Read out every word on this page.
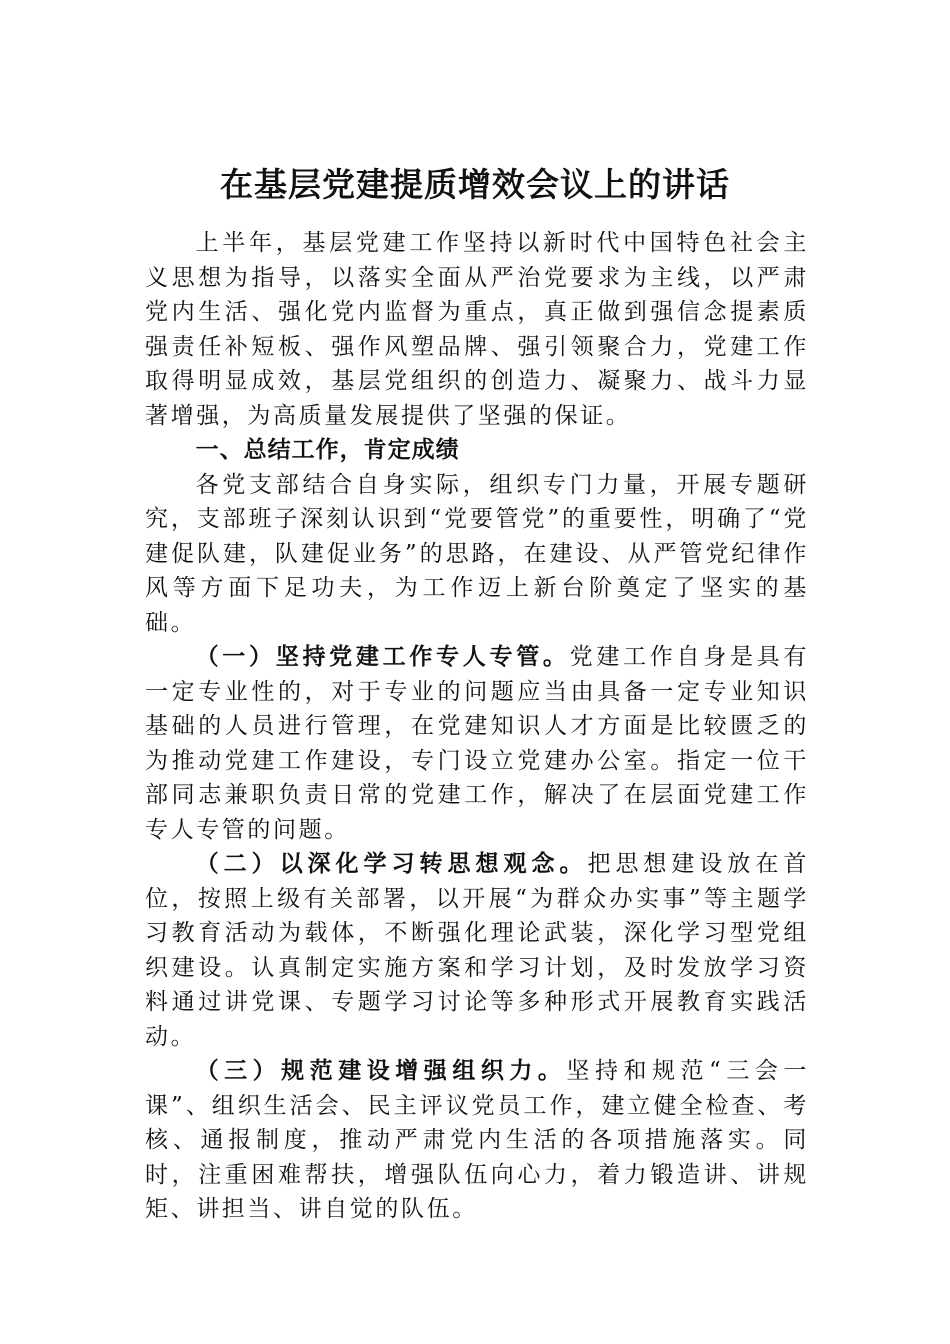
在基层党建提质增效会议上的讲话

上半年，基层党建工作坚持以新时代中国特色社会主义思想为指导，以落实全面从严治党要求为主线，以严肃党内生活、强化党内监督为重点，真正做到强信念提素质强责任补短板、强作风塑品牌、强引领聚合力，党建工作取得明显成效，基层党组织的创造力、凝聚力、战斗力显著增强，为高质量发展提供了坚强的保证。

一、总结工作，肯定成绩

各党支部结合自身实际，组织专门力量，开展专题研究，支部班子深刻认识到“党要管党”的重要性，明确了“党建促队建，队建促业务”的思路，在建设、从严管党纪律作风等方面下足功夫，为工作迈上新台阶奠定了坚实的基础。

（一）坚持党建工作专人专管。党建工作自身是具有一定专业性的，对于专业的问题应当由具备一定专业知识基础的人员进行管理，在党建知识人才方面是比较匮乏的为推动党建工作建设，专门设立党建办公室。指定一位干部同志兼职负责日常的党建工作，解决了在层面党建工作专人专管的问题。

（二）以深化学习转思想观念。把思想建设放在首位，按照上级有关部署，以开展“为群众办实事”等主题学习教育活动为载体，不断强化理论武装，深化学习型党组织建设。认真制定实施方案和学习计划，及时发放学习资料通过讲党课、专题学习讨论等多种形式开展教育实践活动。

（三）规范建设增强组织力。坚持和规范“三会一课”、组织生活会、民主评议党员工作，建立健全检查、考核、通报制度，推动严肃党内生活的各项措施落实。同时，注重困难帮扶，增强队伍向心力，着力锻造讲、讲规矩、讲担当、讲自觉的队伍。
